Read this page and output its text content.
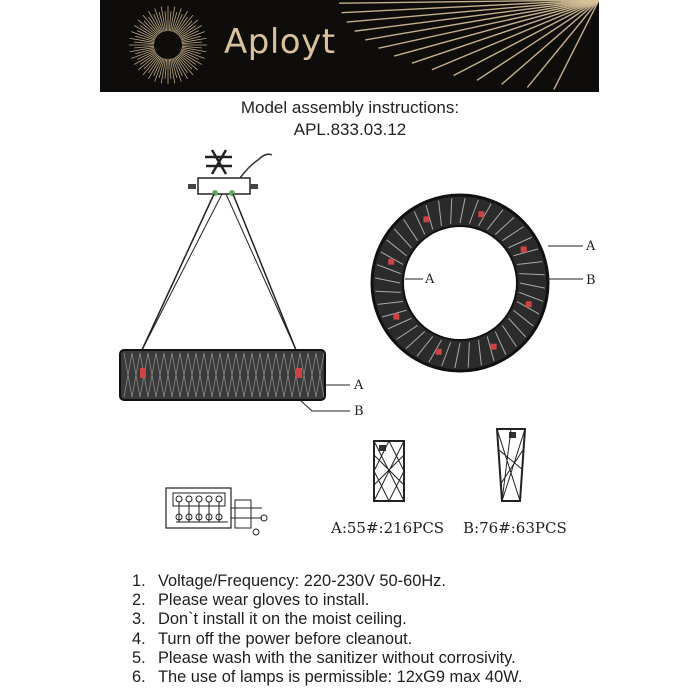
Aployt
Model assembly instructions:
APL.833.03.12
A
B
A
A	B
A:55#:216PCS B:76#:63PCS
1. Voltage/Frequency: 220-230V 50-60Hz.
2. Please wear gloves to install.
3. Don`t install it on the moist ceiling.
4. Turn off the power before cleanout.
5. Please wash with the sanitizer without corrosivity.
6. The use of lamps is permissible: 12xG9 max 40W.
